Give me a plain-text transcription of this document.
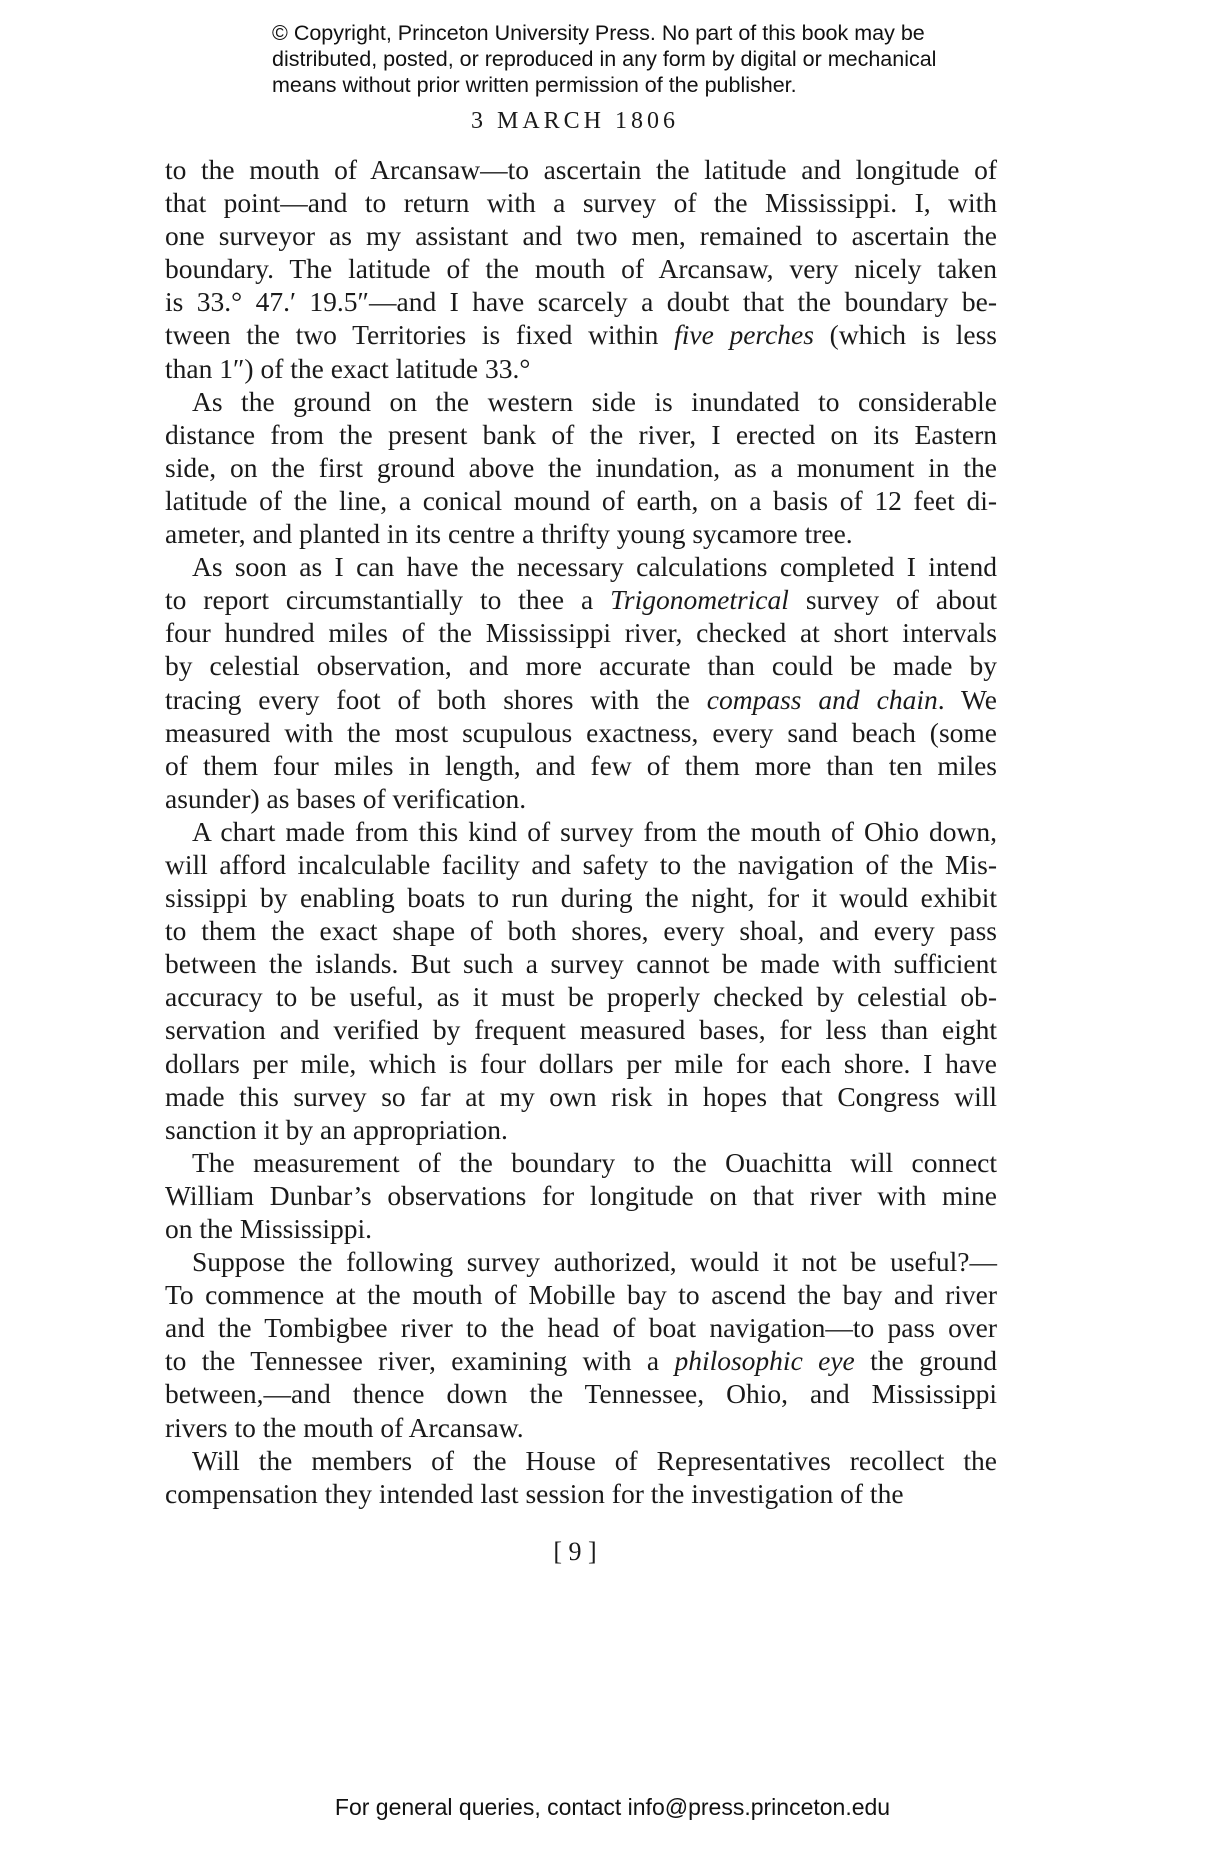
© Copyright, Princeton University Press. No part of this book may be
distributed, posted, or reproduced in any form by digital or mechanical
means without prior written permission of the publisher.
3 MARCH 1806
to the mouth of Arcansaw—to ascertain the latitude and longitude of
that point—and to return with a survey of the Mississippi. I, with
one surveyor as my assistant and two men, remained to ascertain the
boundary. The latitude of the mouth of Arcansaw, very nicely taken
is 33.° 47.′ 19.5″—and I have scarcely a doubt that the boundary be-
tween the two Territories is fixed within five perches (which is less
than 1″) of the exact latitude 33.°
As the ground on the western side is inundated to considerable
distance from the present bank of the river, I erected on its Eastern
side, on the first ground above the inundation, as a monument in the
latitude of the line, a conical mound of earth, on a basis of 12 feet di-
ameter, and planted in its centre a thrifty young sycamore tree.
As soon as I can have the necessary calculations completed I intend
to report circumstantially to thee a Trigonometrical survey of about
four hundred miles of the Mississippi river, checked at short intervals
by celestial observation, and more accurate than could be made by
tracing every foot of both shores with the compass and chain. We
measured with the most scupulous exactness, every sand beach (some
of them four miles in length, and few of them more than ten miles
asunder) as bases of verification.
A chart made from this kind of survey from the mouth of Ohio down,
will afford incalculable facility and safety to the navigation of the Mis-
sissippi by enabling boats to run during the night, for it would exhibit
to them the exact shape of both shores, every shoal, and every pass
between the islands. But such a survey cannot be made with sufficient
accuracy to be useful, as it must be properly checked by celestial ob-
servation and verified by frequent measured bases, for less than eight
dollars per mile, which is four dollars per mile for each shore. I have
made this survey so far at my own risk in hopes that Congress will
sanction it by an appropriation.
The measurement of the boundary to the Ouachitta will connect
William Dunbar’s observations for longitude on that river with mine
on the Mississippi.
Suppose the following survey authorized, would it not be useful?—
To commence at the mouth of Mobille bay to ascend the bay and river
and the Tombigbee river to the head of boat navigation—to pass over
to the Tennessee river, examining with a philosophic eye the ground
between,—and thence down the Tennessee, Ohio, and Mississippi
rivers to the mouth of Arcansaw.
Will the members of the House of Representatives recollect the
compensation they intended last session for the investigation of the
[ 9 ]
For general queries, contact info@press.princeton.edu
